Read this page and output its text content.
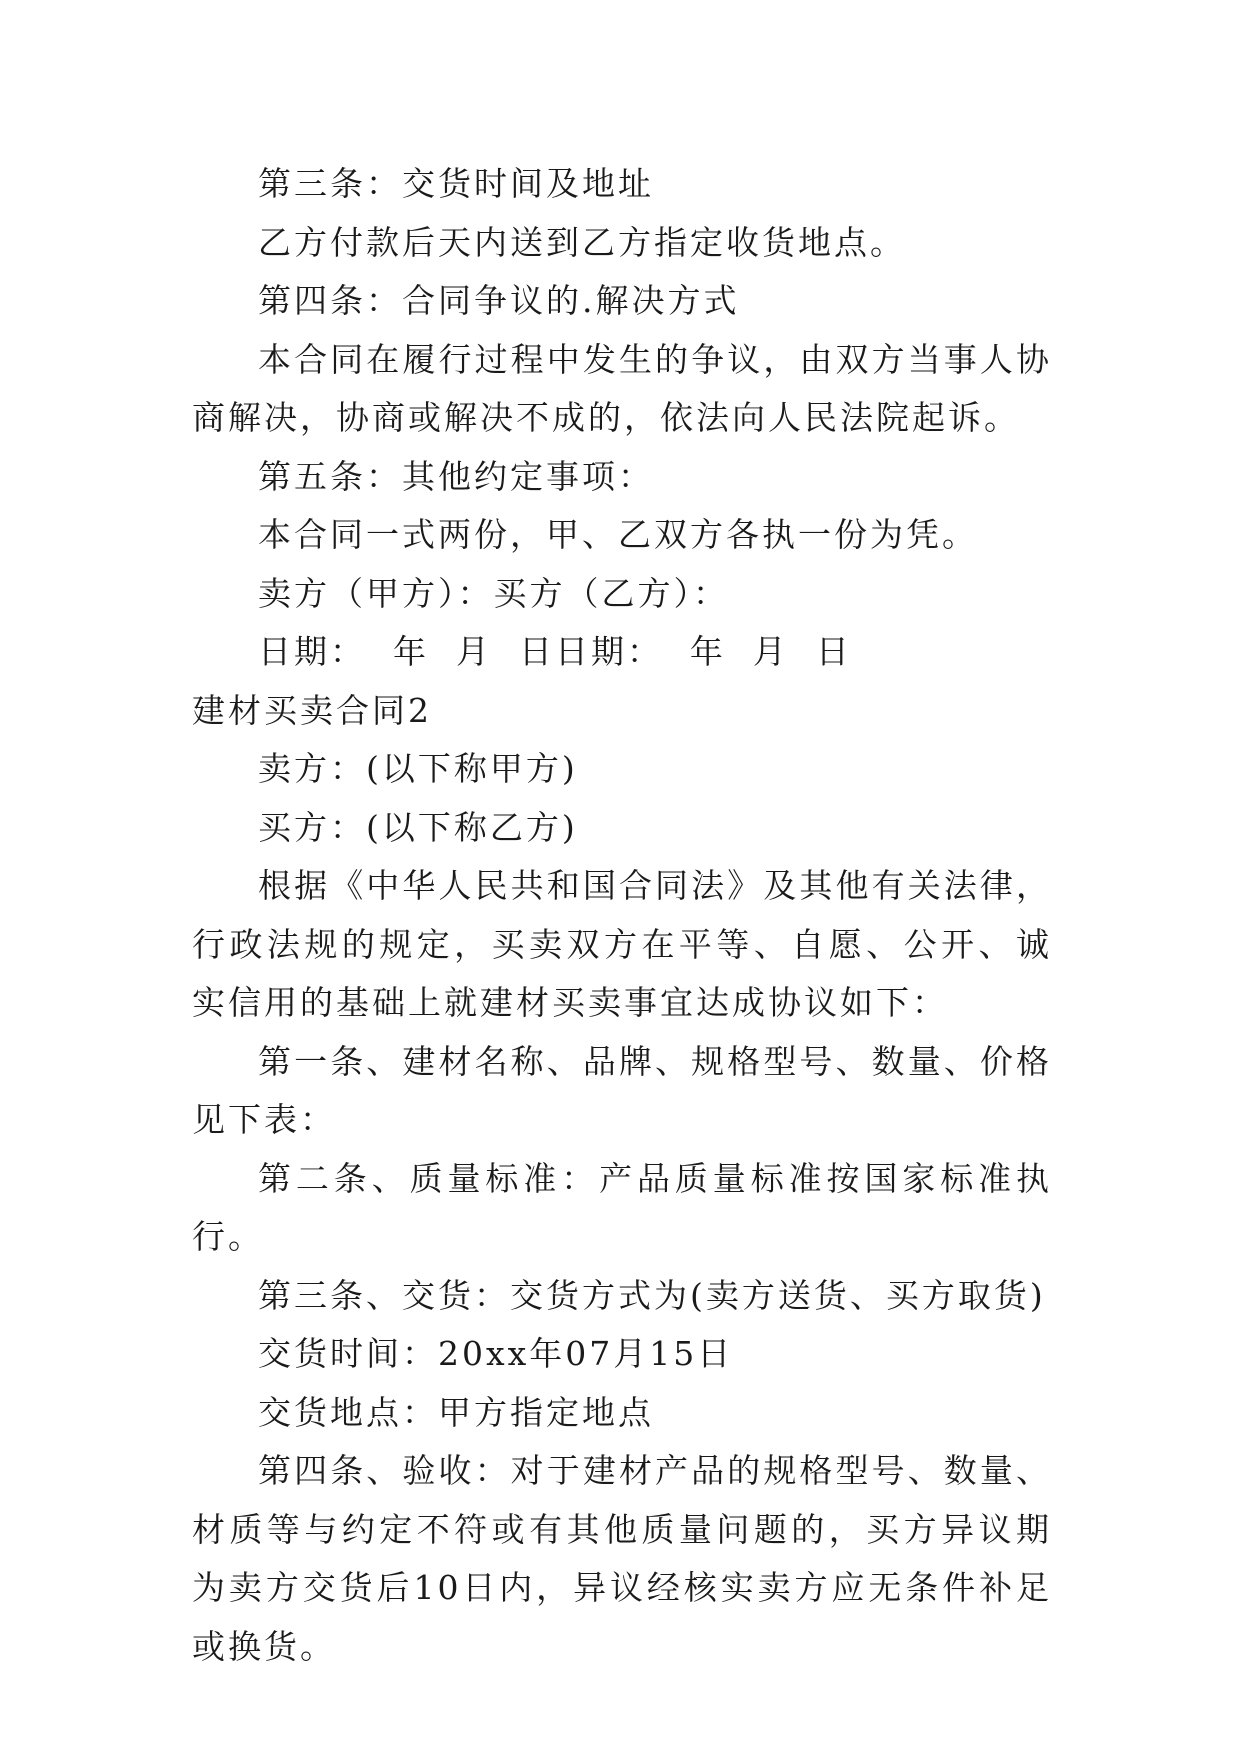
第三条：交货时间及地址

乙方付款后天内送到乙方指定收货地点。

第四条：合同争议的.解决方式

本合同在履行过程中发生的争议，由双方当事人协商解决，协商或解决不成的，依法向人民法院起诉。

第五条：其他约定事项：

本合同一式两份，甲、乙双方各执一份为凭。

卖方（甲方）：买方（乙方）：

日期：  年  月  日日期：  年  月  日

建材买卖合同2

卖方：(以下称甲方)

买方：(以下称乙方)

根据《中华人民共和国合同法》及其他有关法律，行政法规的规定，买卖双方在平等、自愿、公开、诚实信用的基础上就建材买卖事宜达成协议如下：

第一条、建材名称、品牌、规格型号、数量、价格见下表：

第二条、质量标准：产品质量标准按国家标准执行。

第三条、交货：交货方式为(卖方送货、买方取货)

交货时间：20xx年07月15日

交货地点：甲方指定地点

第四条、验收：对于建材产品的规格型号、数量、材质等与约定不符或有其他质量问题的，买方异议期为卖方交货后10日内，异议经核实卖方应无条件补足或换货。
